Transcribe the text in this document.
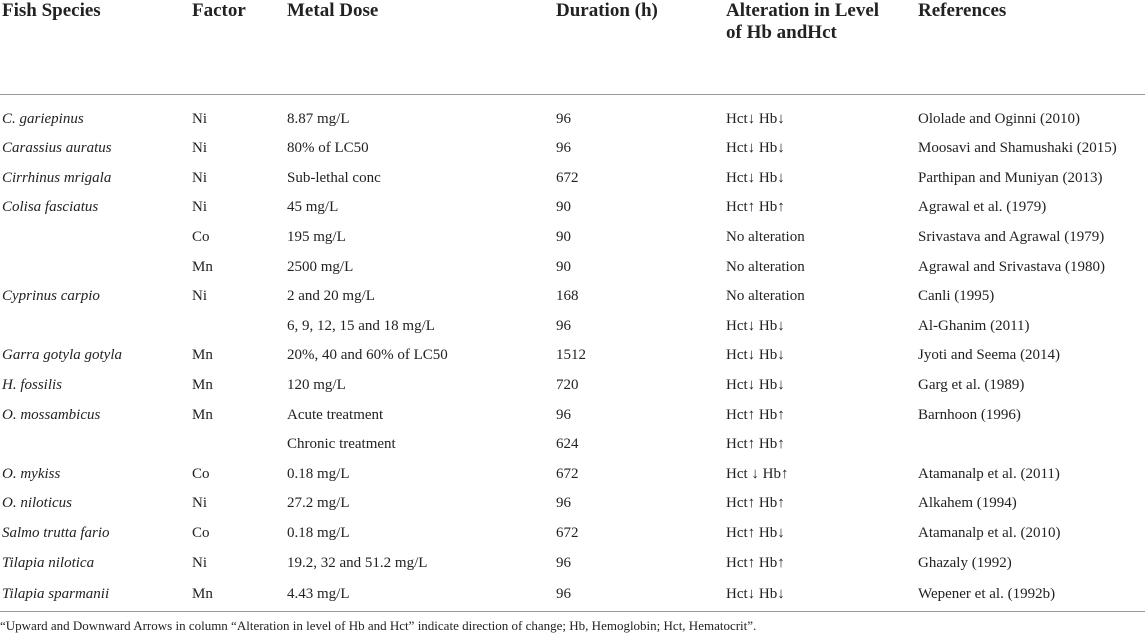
Fish Species	Factor	Metal Dose	Duration (h)	Alteration in Level of Hb andHct	References
C. gariepinus	Ni	8.87 mg/L	96	Hct↓ Hb↓	Ololade and Oginni (2010)
Carassius auratus	Ni	80% of LC50	96	Hct↓ Hb↓	Moosavi and Shamushaki (2015)
Cirrhinus mrigala	Ni	Sub-lethal conc	672	Hct↓ Hb↓	Parthipan and Muniyan (2013)
Colisa fasciatus	Ni	45 mg/L	90	Hct↑ Hb↑	Agrawal et al. (1979)
	Co	195 mg/L	90	No alteration	Srivastava and Agrawal (1979)
	Mn	2500 mg/L	90	No alteration	Agrawal and Srivastava (1980)
Cyprinus carpio	Ni	2 and 20 mg/L	168	No alteration	Canli (1995)
		6, 9, 12, 15 and 18 mg/L	96	Hct↓ Hb↓	Al-Ghanim (2011)
Garra gotyla gotyla	Mn	20%, 40 and 60% of LC50	1512	Hct↓ Hb↓	Jyoti and Seema (2014)
H. fossilis	Mn	120 mg/L	720	Hct↓ Hb↓	Garg et al. (1989)
O. mossambicus	Mn	Acute treatment	96	Hct↑ Hb↑	Barnhoon (1996)
		Chronic treatment	624	Hct↑ Hb↑	
O. mykiss	Co	0.18 mg/L	672	Hct ↓ Hb↑	Atamanalp et al. (2011)
O. niloticus	Ni	27.2 mg/L	96	Hct↑ Hb↑	Alkahem (1994)
Salmo trutta fario	Co	0.18 mg/L	672	Hct↑ Hb↓	Atamanalp et al. (2010)
Tilapia nilotica	Ni	19.2, 32 and 51.2 mg/L	96	Hct↑ Hb↑	Ghazaly (1992)
Tilapia sparmanii	Mn	4.43 mg/L	96	Hct↓ Hb↓	Wepener et al. (1992b)
“Upward and Downward Arrows in column “Alteration in level of Hb and Hct” indicate direction of change; Hb, Hemoglobin; Hct, Hematocrit”.
